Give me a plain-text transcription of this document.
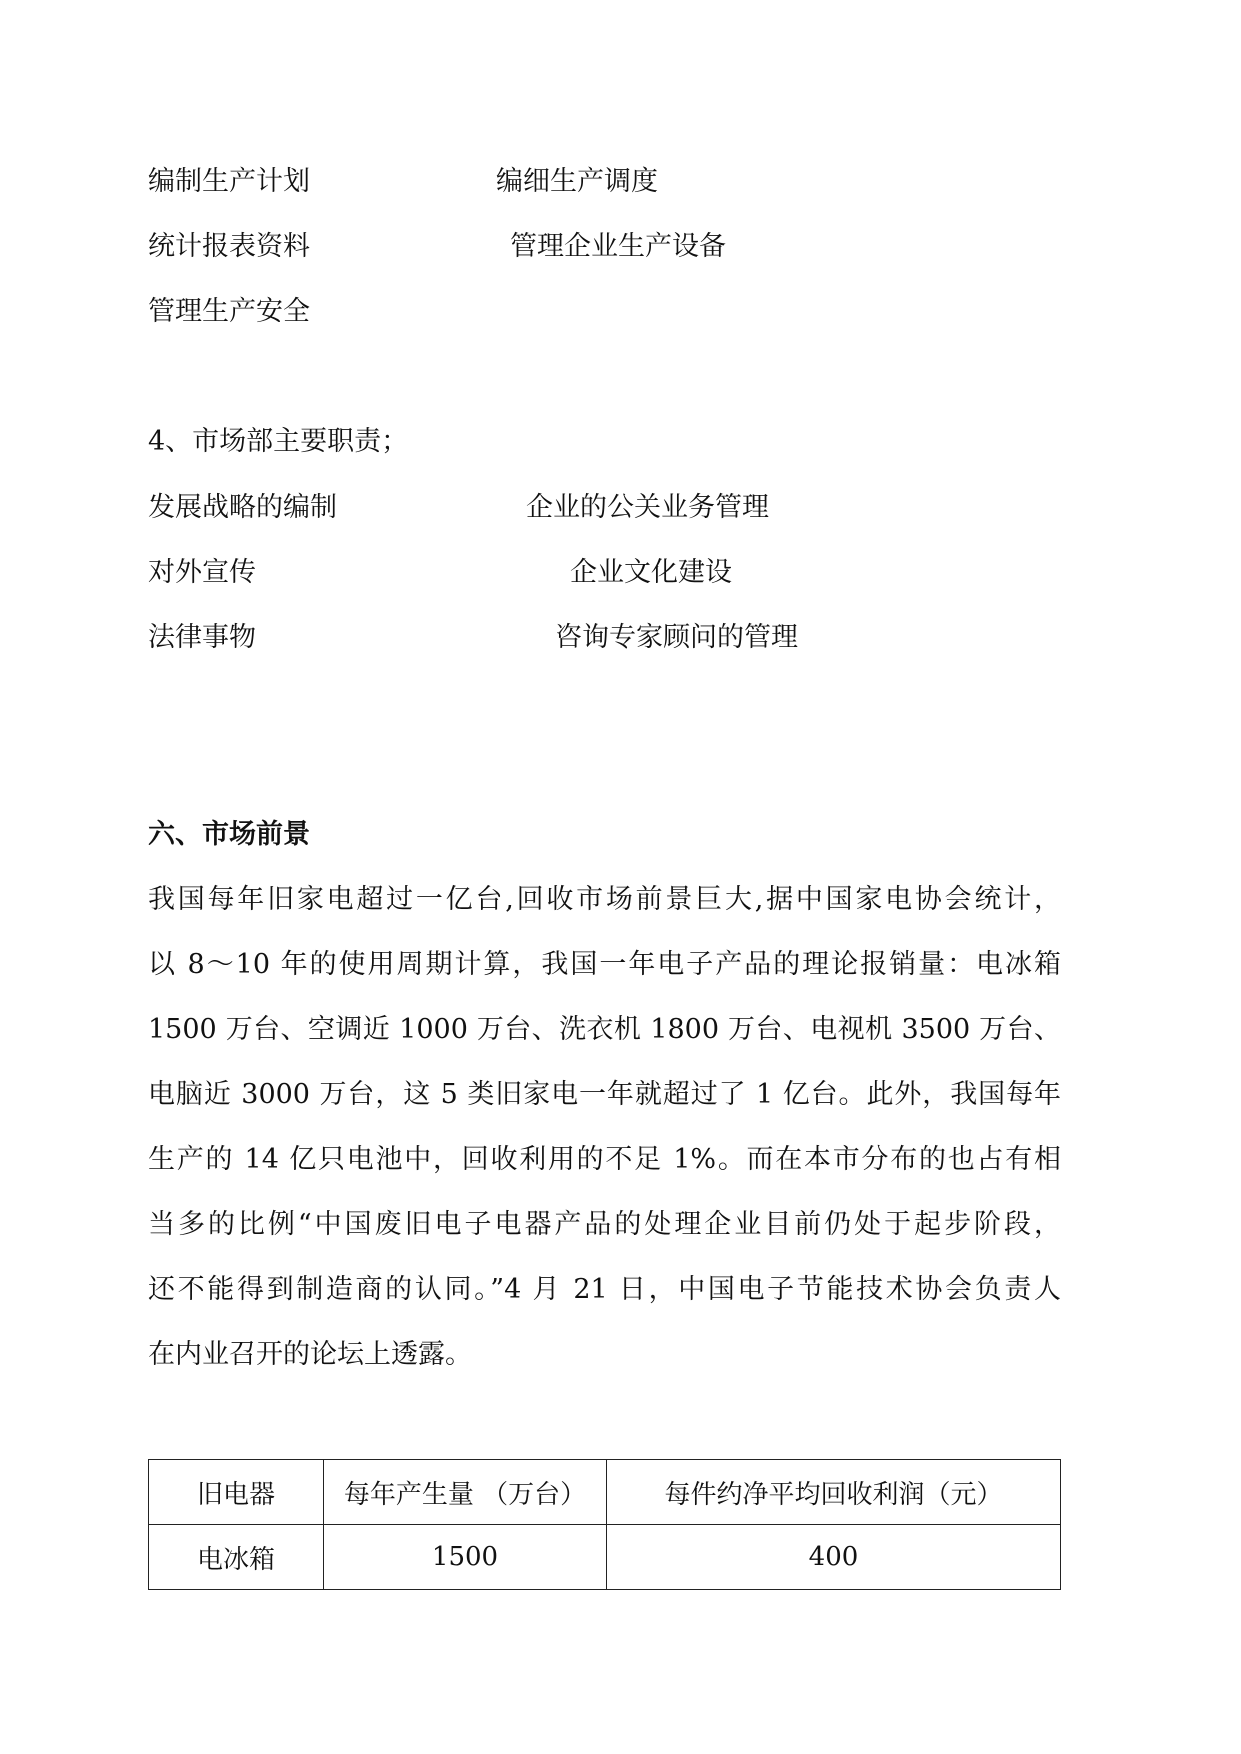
编制生产计划	编细生产调度
统计报表资料	管理企业生产设备
管理生产安全
4、市场部主要职责；
发展战略的编制	企业的公关业务管理
对外宣传	企业文化建设
法律事物	咨询专家顾问的管理
六、市场前景
我国每年旧家电超过一亿台,回收市场前景巨大,据中国家电协会统计，
以 8～10 年的使用周期计算，我国一年电子产品的理论报销量：电冰箱
1500 万台、空调近 1000 万台、洗衣机 1800 万台、电视机 3500 万台、
电脑近 3000 万台，这 5 类旧家电一年就超过了 1 亿台。此外，我国每年
生产的 14 亿只电池中，回收利用的不足 1%。而在本市分布的也占有相
当多的比例“中国废旧电子电器产品的处理企业目前仍处于起步阶段，
还不能得到制造商的认同。”4 月 21 日，中国电子节能技术协会负责人
在内业召开的论坛上透露。
旧电器	每年产生量 （万台）	每件约净平均回收利润（元）
电冰箱	1500	400
